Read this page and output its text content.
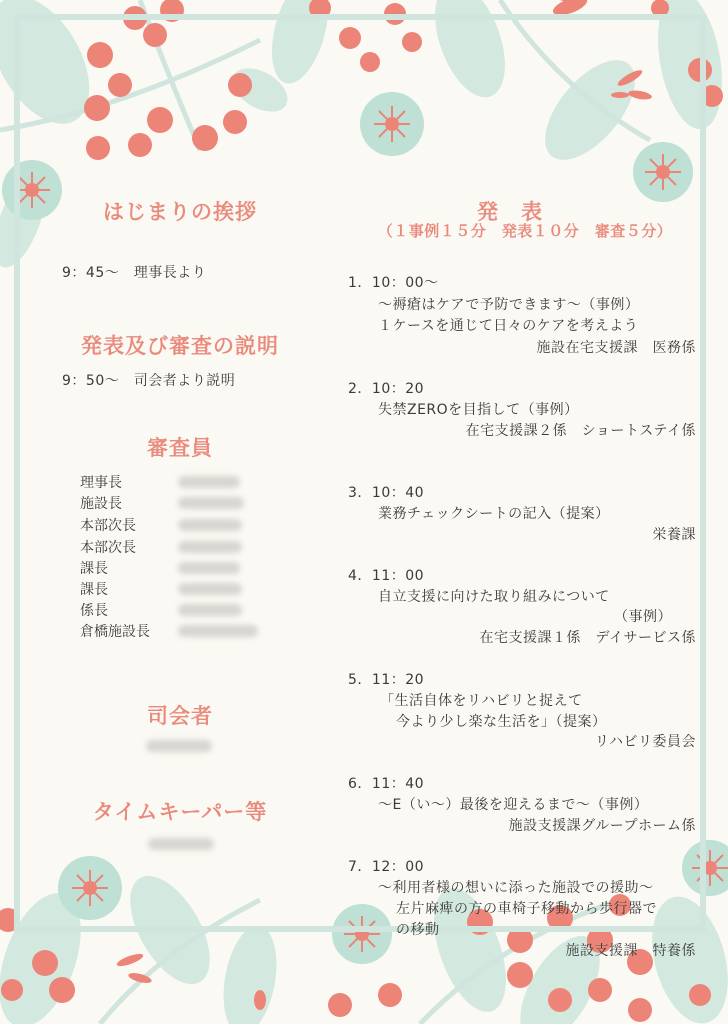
はじまりの挨拶
9：45～　理事長より
発表及び審査の説明
9：50～　司会者より説明
審査員
理事長
施設長
本部次長
本部次長
課長
課長
係長
倉橋施設長
司会者
タイムキーパー等
発　表
（１事例１５分　発表１０分　審査５分）
1．10：00～
～褥瘡はケアで予防できます～（事例）
１ケースを通じて日々のケアを考えよう
施設在宅支援課　医務係
2．10：20
失禁ZEROを目指して（事例）
在宅支援課２係　ショートステイ係
3．10：40
業務チェックシートの記入（提案）
栄養課
4．11：00
自立支援に向けた取り組みについて
（事例）
在宅支援課１係　デイサービス係
5．11：20
「生活自体をリハビリと捉えて
今より少し楽な生活を」（提案）
リハビリ委員会
6．11：40
～E（い～）最後を迎えるまで～（事例）
施設支援課グループホーム係
7．12：00
～利用者様の想いに添った施設での援助～
左片麻痺の方の車椅子移動から歩行器で
の移動
施設支援課　特養係
